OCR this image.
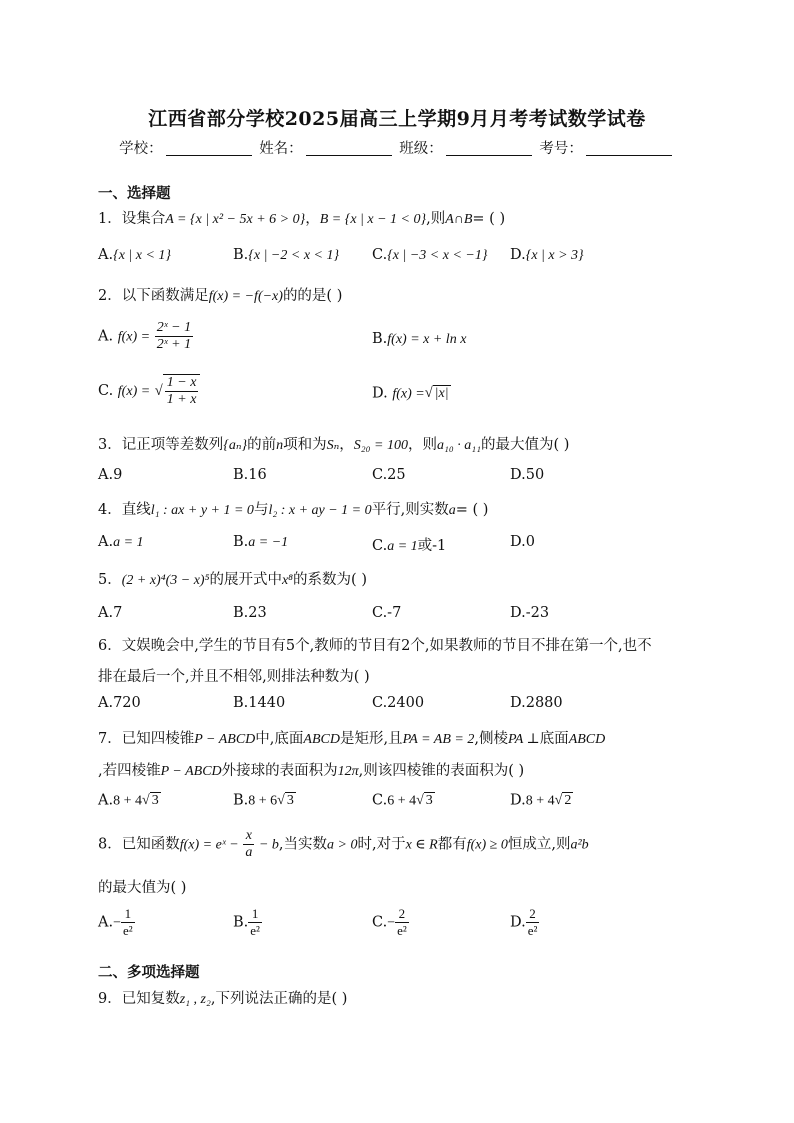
江西省部分学校2025届高三上学期9月月考考试数学试卷
学校：	姓名：	班级：	考号：
一、选择题
1．设集合A = {x | x² − 5x + 6 > 0}，B = {x | x − 1 < 0},则A∩B= ( )
A.{x | x < 1}	B.{x | −2 < x < 1} C.{x | −3 < x < −1} D.{x | x > 3}
2．以下函数满足f(x) = −f(−x)的的是( )
A. $f(x) = \frac{\text{2ˣ − 1}}{\text{2ˣ + 1}}$	B.f(x) = x + ln x
C. f(x) = √ $\frac{1 - x}{1 + x}$	D. f(x) =√ |x|
3．记正项等差数列{aₙ}的前n项和为Sₙ，S₂₀ = 100，则a₁₀ · a₁₁的最大值为( )
A.9	B.16	C.25	D.50
4．直线l₁ : ax + y + 1 = 0与l₂ : x + ay − 1 = 0平行,则实数a= ( )
A.a = 1	B.a = −1	C.a = 1或-1	D.0
5．(2 + x)⁴(3 − x)⁵的展开式中x⁸的系数为( )
A.7	B.23	C.-7	D.-23
6．文娱晚会中,学生的节目有5个,教师的节目有2个,如果教师的节目不排在第一个,也不
排在最后一个,并且不相邻,则排法种数为( )
A.720	B.1440	C.2400	D.2880
7．已知四棱锥P − ABCD中,底面ABCD是矩形,且PA = AB = 2,侧棱PA ⊥底面ABCD
,若四棱锥P − ABCD外接球的表面积为12π,则该四棱锥的表面积为( )
A.8 + 4√ 3	B.8 + 6√ 3	C.6 + 4√ 3	D.8 + 4√ 2
8．已知函数f(x) = eˣ − $\frac{x}{a} - b$,当实数a > 0时,对于x ∈ R都有f(x) ≥ 0恒成立,则a²b
的最大值为( )
$A.- \frac{1}{\text{e²}}$	B. $\frac{1}{\text{e²}}$	$C.- \frac{2}{\text{e²}}$	D. $\frac{2}{\text{e²}}$
二、多项选择题
9．已知复数z₁ , z₂,下列说法正确的是( )
